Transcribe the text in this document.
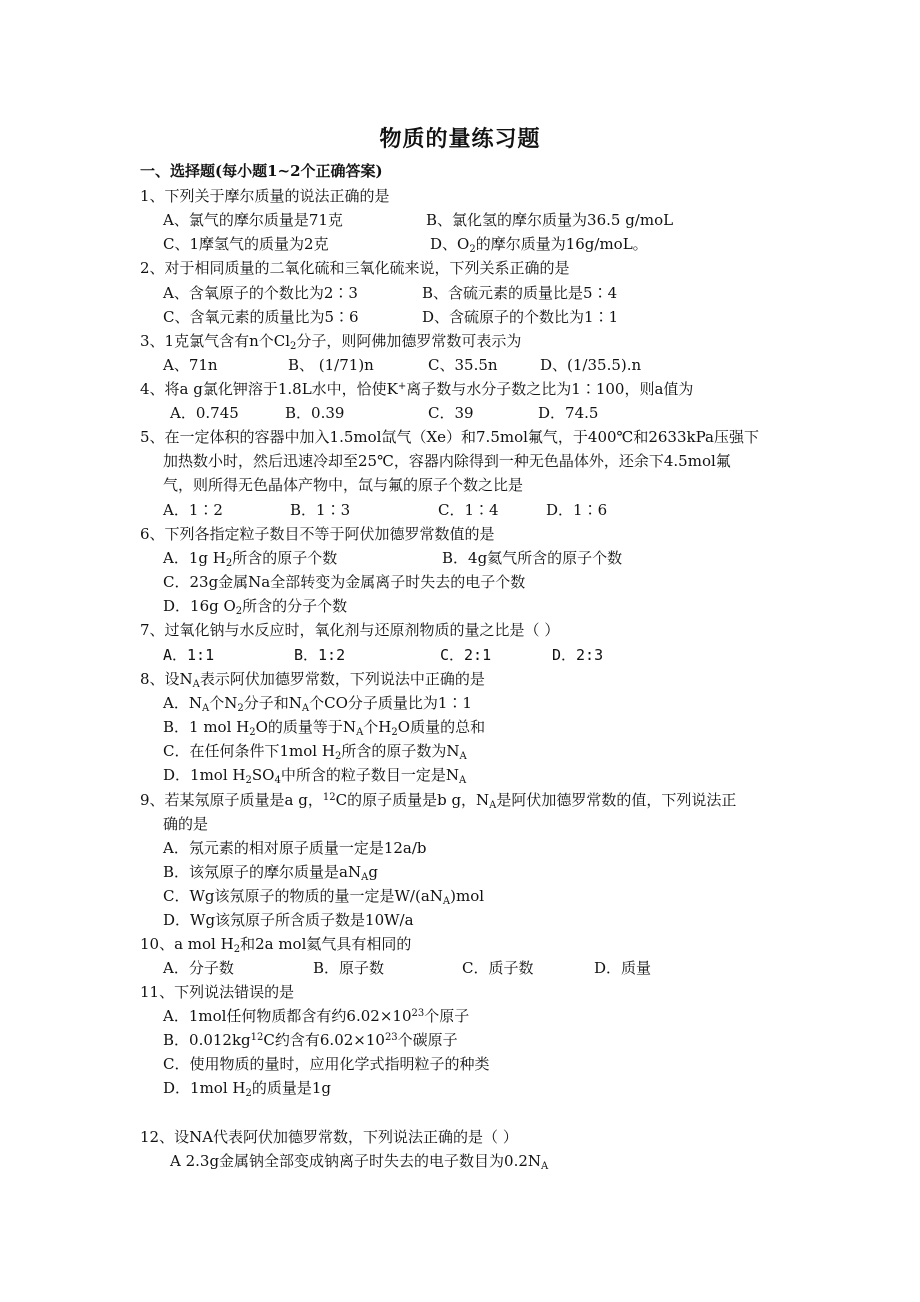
物质的量练习题
一、选择题(每小题1~2个正确答案)
1、下列关于摩尔质量的说法正确的是
A、氯气的摩尔质量是71克	B、氯化氢的摩尔质量为36.5 g/moL
C、1摩氢气的质量为2克	D、$O_2$的摩尔质量为16g/moL。
2、对于相同质量的二氧化硫和三氧化硫来说，下列关系正确的是
A、含氧原子的个数比为2∶3	B、含硫元素的质量比是5∶4
C、含氧元素的质量比为5∶6	D、含硫原子的个数比为1∶1
3、1克氯气含有n个$Cl_2$分子，则阿佛加德罗常数可表示为
A、71n	B、 (1/71)n	C、35.5n	D、(1/35.5).n
4、将a g氯化钾溶于1.8L水中，恰使K+离子数与水分子数之比为1∶100，则a值为
A．0.745	B．0.39	C．39	D．74.5
5、在一定体积的容器中加入1.5mol氙气（Xe）和7.5mol氟气，于400℃和2633kPa压强下
加热数小时，然后迅速冷却至25℃，容器内除得到一种无色晶体外，还余下4.5mol氟
气，则所得无色晶体产物中，氙与氟的原子个数之比是
A．1∶2	B．1∶3	C．1∶4	D．1∶6
6、下列各指定粒子数目不等于阿伏加德罗常数值的是
A．1g $H_2$所含的原子个数	B．4g氦气所含的原子个数
C．23g金属Na全部转变为金属离子时失去的电子个数
D．16g $O_2$所含的分子个数
7、过氧化钠与水反应时，氧化剂与还原剂物质的量之比是（ ）
A．1:1	B．1:2	C．2:1	D．2:3
8、设$N_A$表示阿伏加德罗常数，下列说法中正确的是
A．$N_A$个$N_2$分子和$N_A$个CO分子质量比为1∶1
B．1 mol $H_2O$的质量等于$N_A$个$H_2O$质量的总和
C．在任何条件下1mol $H_2$所含的原子数为$N_A$
D．1mol $H_2SO_4$中所含的粒子数目一定是$N_A$
9、若某氖原子质量是a g，$^{12}$C的原子质量是b g，$N_A$是阿伏加德罗常数的值，下列说法正
确的是
A．氖元素的相对原子质量一定是12a/b
B．该氖原子的摩尔质量是$aN_Ag$
C．Wg该氖原子的物质的量一定是$W/(aN_A)mol$
D．Wg该氖原子所含质子数是10W/a
10、a mol $H_2$和2a mol氦气具有相同的
A．分子数	B．原子数	C．质子数	D．质量
11、下列说法错误的是
A．1mol任何物质都含有约$6.02\times 10^{23}$个原子
B．$0.012kg^{12}C$约含有$6.02\times 10^{23}$个碳原子
C．使用物质的量时，应用化学式指明粒子的种类
D．1mol $H_2$的质量是1g
12、设NA代表阿伏加德罗常数，下列说法正确的是（ ）
A 2.3g金属钠全部变成钠离子时失去的电子数目为$0.2N_A$
